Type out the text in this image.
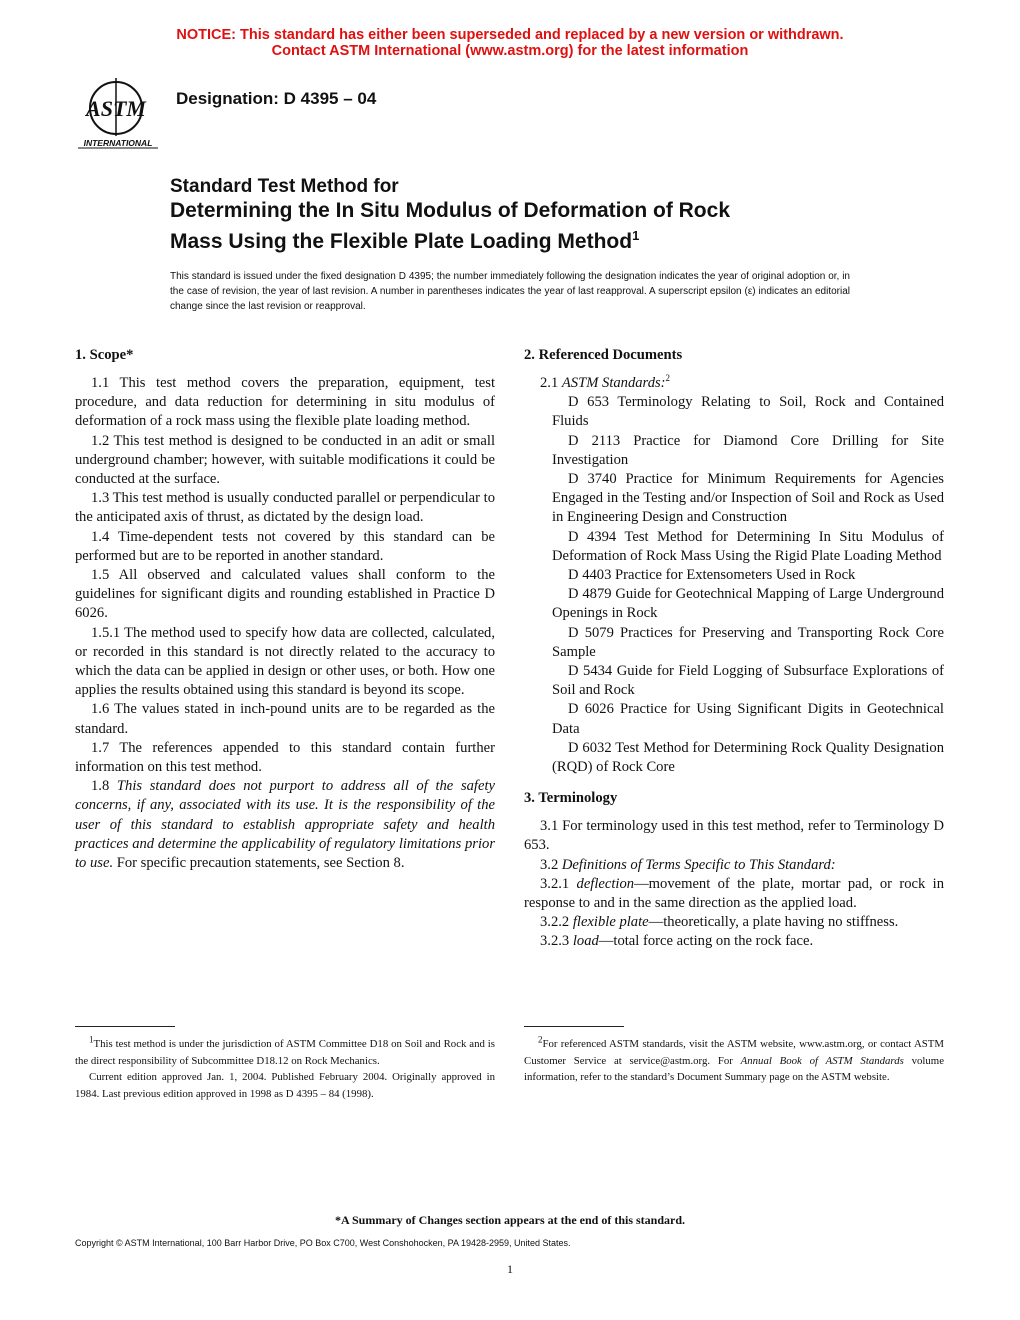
NOTICE: This standard has either been superseded and replaced by a new version or withdrawn.
Contact ASTM International (www.astm.org) for the latest information
ASTM
INTERNATIONAL
Designation: D 4395 – 04
Standard Test Method for
Determining the In Situ Modulus of Deformation of Rock
Mass Using the Flexible Plate Loading Method$^1$
This standard is issued under the fixed designation D 4395; the number immediately following the designation indicates the year of original adoption or, in the case of revision, the year of last revision. A number in parentheses indicates the year of last reapproval. A superscript epsilon (ε) indicates an editorial change since the last revision or reapproval.
1. Scope*

1.1 This test method covers the preparation, equipment, test procedure, and data reduction for determining in situ modulus of deformation of a rock mass using the flexible plate loading method.

1.2 This test method is designed to be conducted in an adit or small underground chamber; however, with suitable modifications it could be conducted at the surface.

1.3 This test method is usually conducted parallel or perpendicular to the anticipated axis of thrust, as dictated by the design load.

1.4 Time-dependent tests not covered by this standard can be performed but are to be reported in another standard.

1.5 All observed and calculated values shall conform to the guidelines for significant digits and rounding established in Practice D 6026.

1.5.1 The method used to specify how data are collected, calculated, or recorded in this standard is not directly related to the accuracy to which the data can be applied in design or other uses, or both. How one applies the results obtained using this standard is beyond its scope.

1.6 The values stated in inch-pound units are to be regarded as the standard.

1.7 The references appended to this standard contain further information on this test method.

1.8 This standard does not purport to address all of the safety concerns, if any, associated with its use. It is the responsibility of the user of this standard to establish appropriate safety and health practices and determine the applicability of regulatory limitations prior to use. For specific precaution statements, see Section 8.

2. Referenced Documents

2.1 ASTM Standards:$^2$

D 653 Terminology Relating to Soil, Rock and Contained Fluids

D 2113 Practice for Diamond Core Drilling for Site Investigation

D 3740 Practice for Minimum Requirements for Agencies Engaged in the Testing and/or Inspection of Soil and Rock as Used in Engineering Design and Construction

D 4394 Test Method for Determining In Situ Modulus of Deformation of Rock Mass Using the Rigid Plate Loading Method

D 4403 Practice for Extensometers Used in Rock

D 4879 Guide for Geotechnical Mapping of Large Underground Openings in Rock

D 5079 Practices for Preserving and Transporting Rock Core Sample

D 5434 Guide for Field Logging of Subsurface Explorations of Soil and Rock

D 6026 Practice for Using Significant Digits in Geotechnical Data

D 6032 Test Method for Determining Rock Quality Designation (RQD) of Rock Core

3. Terminology

3.1 For terminology used in this test method, refer to Terminology D 653.

3.2 Definitions of Terms Specific to This Standard:

3.2.1 deflection—movement of the plate, mortar pad, or rock in response to and in the same direction as the applied load.

3.2.2 flexible plate—theoretically, a plate having no stiffness.

3.2.3 load—total force acting on the rock face.

$^1$This test method is under the jurisdiction of ASTM Committee D18 on Soil and Rock and is the direct responsibility of Subcommittee D18.12 on Rock Mechanics.

Current edition approved Jan. 1, 2004. Published February 2004. Originally approved in 1984. Last previous edition approved in 1998 as D 4395 – 84 (1998).

$^2$For referenced ASTM standards, visit the ASTM website, www.astm.org, or contact ASTM Customer Service at service@astm.org. For Annual Book of ASTM Standards volume information, refer to the standard’s Document Summary page on the ASTM website.

*A Summary of Changes section appears at the end of this standard.
Copyright © ASTM International, 100 Barr Harbor Drive, PO Box C700, West Conshohocken, PA 19428-2959, United States.
1
